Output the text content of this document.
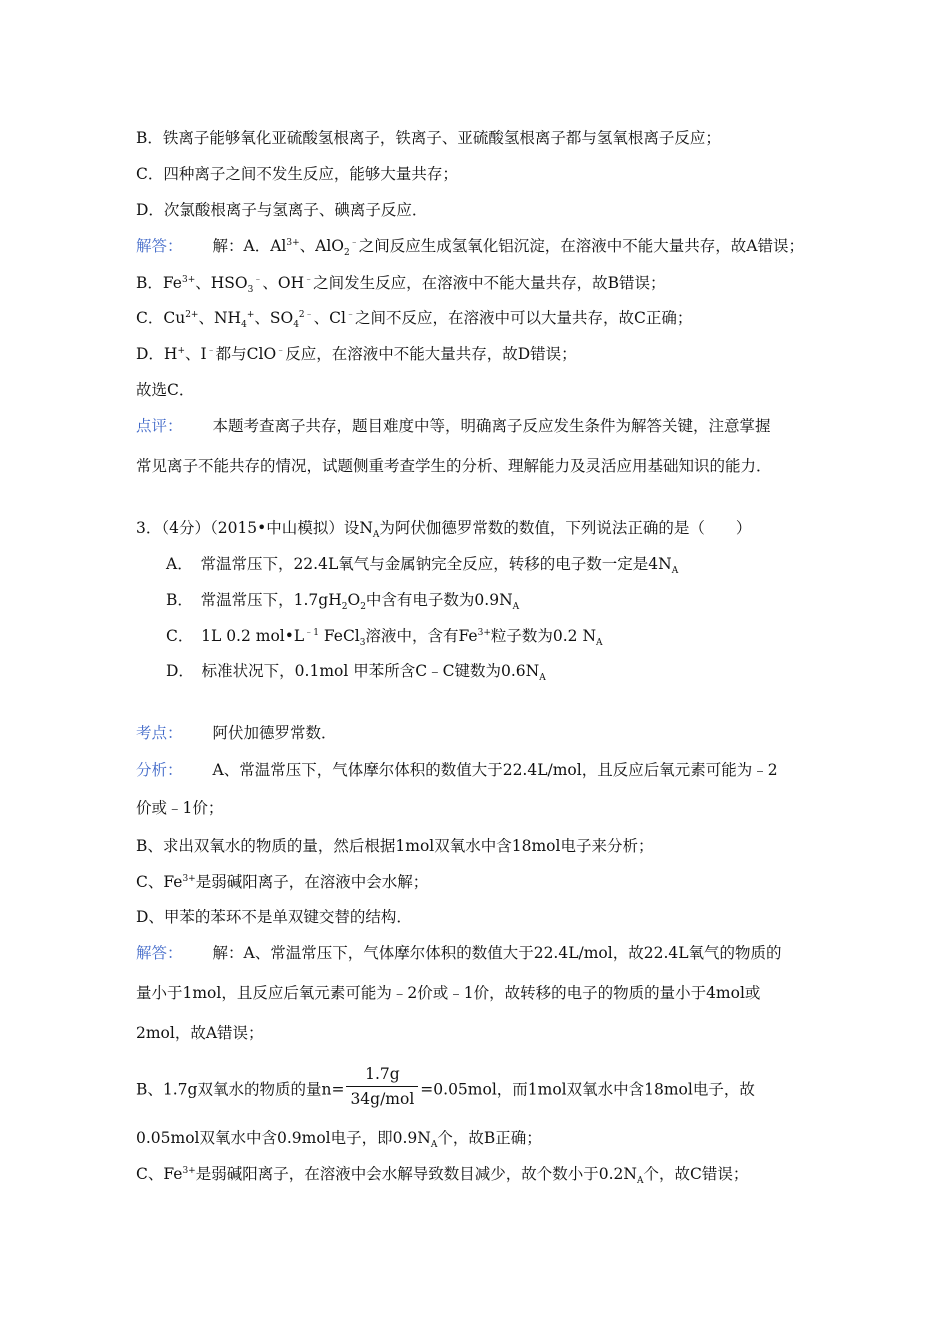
B．铁离子能够氧化亚硫酸氢根离子，铁离子、亚硫酸氢根离子都与氢氧根离子反应；
C．四种离子之间不发生反应，能够大量共存；
D．次氯酸根离子与氢离子、碘离子反应．
解答： 解：A．$Al^{3+}$、AlO$_2$﹣之间反应生成氢氧化铝沉淀，在溶液中不能大量共存，故A错误；
B．$Fe^{3+}$、$HSO_3^﹣$、OH﹣之间发生反应，在溶液中不能大量共存，故B错误；
C．$Cu^{2+}$、$NH_4^+$、$SO_4^{2﹣}$、Cl﹣之间不反应，在溶液中可以大量共存，故C正确；
D．H+、I﹣都与ClO﹣反应，在溶液中不能大量共存，故D错误；
故选C．
点评： 本题考查离子共存，题目难度中等，明确离子反应发生条件为解答关键，注意掌握
常见离子不能共存的情况，试题侧重考查学生的分析、理解能力及灵活应用基础知识的能力．
3．（4分）（2015•中山模拟）设$N_A$为阿伏伽德罗常数的数值，下列说法正确的是（　　）
A．　常温常压下，22.4L氧气与金属钠完全反应，转移的电子数一定是$4N_A$
B．　常温常压下，$1.7gH_2O_2$中含有电子数为$0.9N_A$
C．　1L 0.2 $mol•L^{﹣1}$ FeCl$_3$溶液中，含有$Fe^{3+}$粒子数为0.2 $N_A$
D．　标准状况下，0.1mol 甲苯所含C﹣C键数为$0.6N_A$
考点： 阿伏加德罗常数．
分析： A、常温常压下，气体摩尔体积的数值大于22.4L/mol，且反应后氧元素可能为﹣2
价或﹣1价；
B、求出双氧水的物质的量，然后根据1mol双氧水中含18mol电子来分析；
C、$Fe^{3+}$是弱碱阳离子，在溶液中会水解；
D、甲苯的苯环不是单双键交替的结构．
解答： 解：A、常温常压下，气体摩尔体积的数值大于22.4L/mol，故22.4L氧气的物质的
量小于1mol，且反应后氧元素可能为﹣2价或﹣1价，故转移的电子的物质的量小于4mol或
2mol，故A错误；
B、1.7g双氧水的物质的量$n= \frac{1.7g}{\text{34g/mol}} =0.05mol$，而1mol双氧水中含18mol电子，故
0.05mol双氧水中含0.9mol电子，即$0.9N_A$个，故B正确；
C、$Fe^{3+}$是弱碱阳离子，在溶液中会水解导致数目减少，故个数小于$0.2N_A$个，故C错误；
